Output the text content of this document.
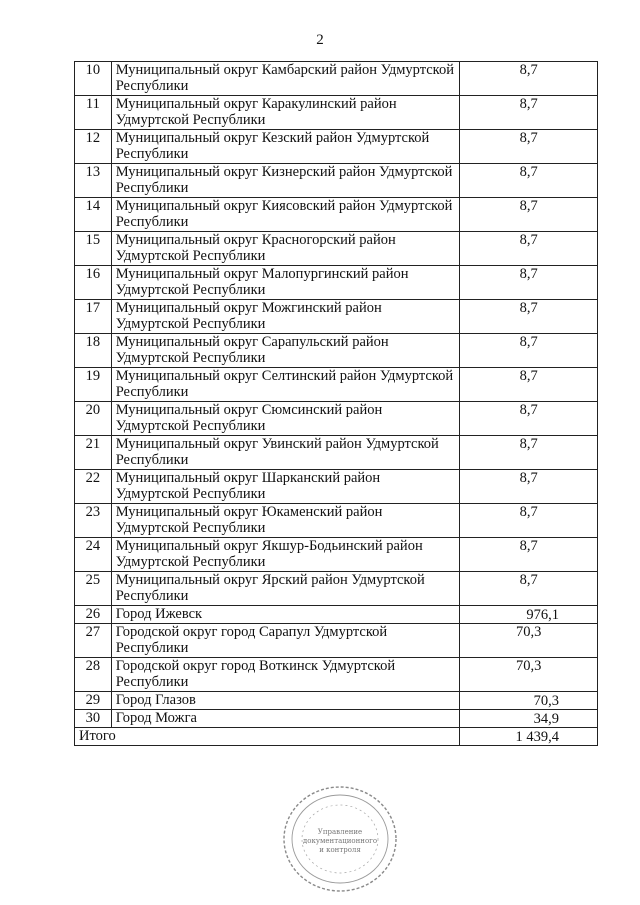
2
10	Муниципальный округ Камбарский район Удмуртской Республики	8,7
11	Муниципальный округ Каракулинский район Удмуртской Республики	8,7
12	Муниципальный округ Кезский район Удмуртской Республики	8,7
13	Муниципальный округ Кизнерский район Удмуртской Республики	8,7
14	Муниципальный округ Киясовский район Удмуртской Республики	8,7
15	Муниципальный округ Красногорский район Удмуртской Республики	8,7
16	Муниципальный округ Малопургинский район Удмуртской Республики	8,7
17	Муниципальный округ Можгинский район Удмуртской Республики	8,7
18	Муниципальный округ Сарапульский район Удмуртской Республики	8,7
19	Муниципальный округ Селтинский район Удмуртской Республики	8,7
20	Муниципальный округ Сюмсинский район Удмуртской Республики	8,7
21	Муниципальный округ Увинский район Удмуртской Республики	8,7
22	Муниципальный округ Шарканский район Удмуртской Республики	8,7
23	Муниципальный округ Юкаменский район Удмуртской Республики	8,7
24	Муниципальный округ Якшур-Бодьинский район Удмуртской Республики	8,7
25	Муниципальный округ Ярский район Удмуртской Республики	8,7
26	Город Ижевск	976,1
27	Городской округ город Сарапул Удмуртской Республики	70,3
28	Городской округ город Воткинск Удмуртской Республики	70,3
29	Город Глазов	70,3
30	Город Можга	34,9
Итого		1 439,4
Управление
документационного
и контроля
